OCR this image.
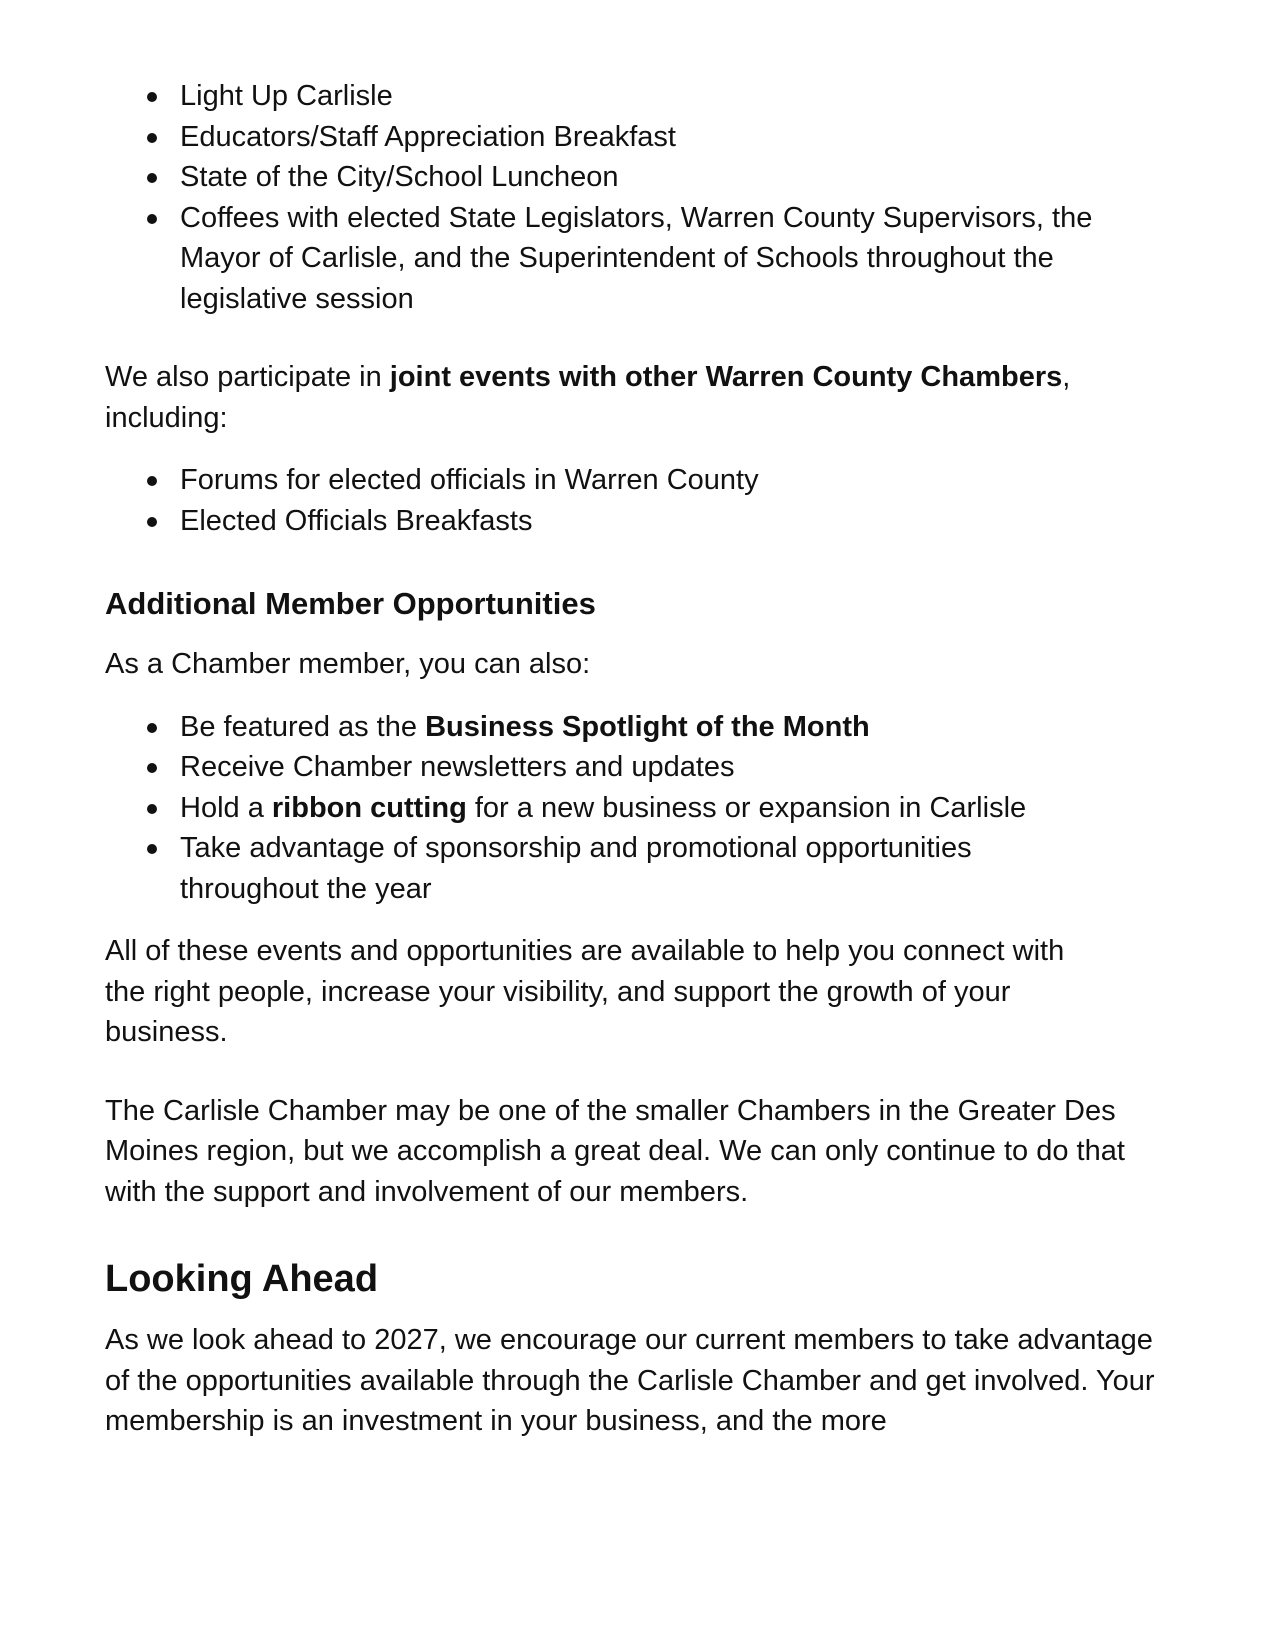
Light Up Carlisle
Educators/Staff Appreciation Breakfast
State of the City/School Luncheon
Coffees with elected State Legislators, Warren County Supervisors, the Mayor of Carlisle, and the Superintendent of Schools throughout the legislative session

We also participate in joint events with other Warren County Chambers, including:

Forums for elected officials in Warren County
Elected Officials Breakfasts
Additional Member Opportunities

As a Chamber member, you can also:

Be featured as the Business Spotlight of the Month
Receive Chamber newsletters and updates
Hold a ribbon cutting for a new business or expansion in Carlisle
Take advantage of sponsorship and promotional opportunities throughout the year

All of these events and opportunities are available to help you connect with the right people, increase your visibility, and support the growth of your business.

The Carlisle Chamber may be one of the smaller Chambers in the Greater Des Moines region, but we accomplish a great deal. We can only continue to do that with the support and involvement of our members.

Looking Ahead

As we look ahead to 2027, we encourage our current members to take advantage of the opportunities available through the Carlisle Chamber and get involved. Your membership is an investment in your business, and the more
